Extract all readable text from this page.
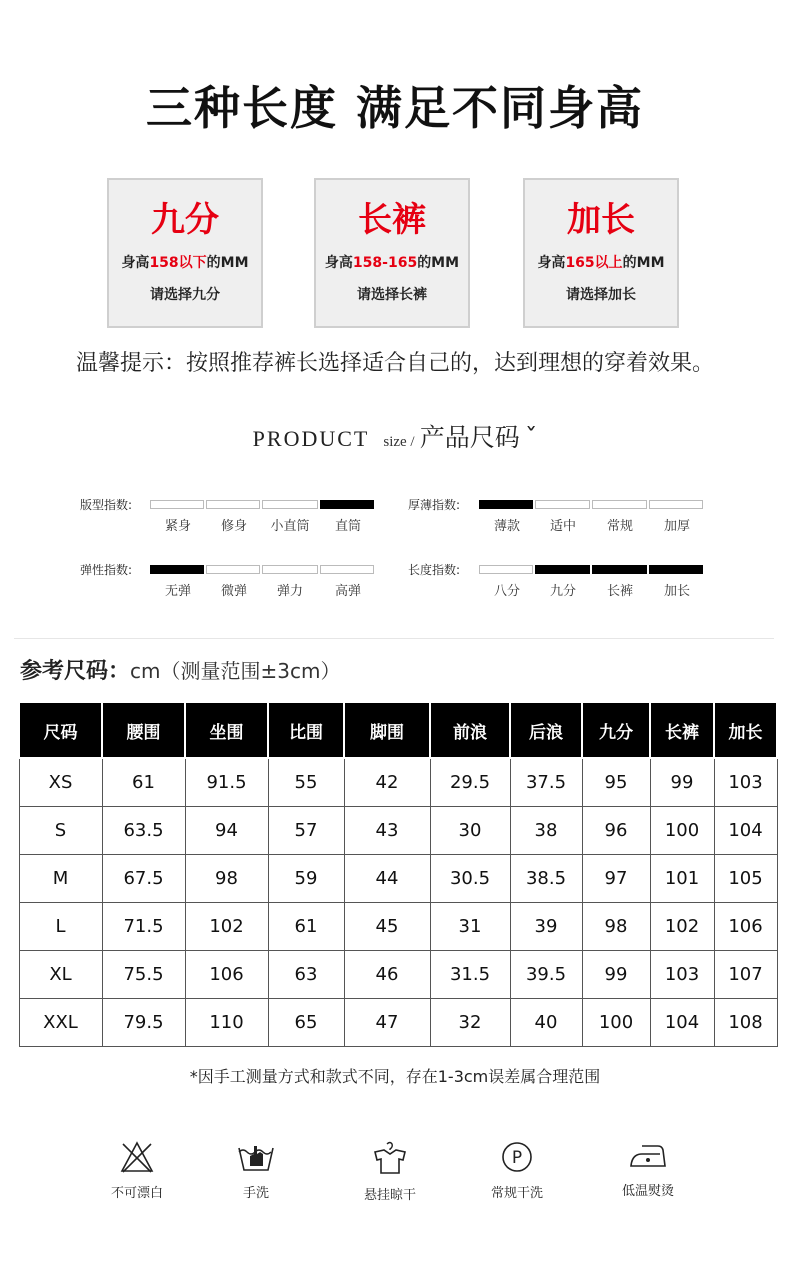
三种长度 满足不同身高
九分
身高158以下的MM
请选择九分
长裤
身高158-165的MM
请选择长裤
加长
身高165以上的MM
请选择加长
温馨提示：按照推荐裤长选择适合自己的，达到理想的穿着效果。
PRODUCT size / 产品尺码 ˇ
版型指数:
紧身	修身	小直筒	直筒
厚薄指数:
薄款	适中	常规	加厚
弹性指数:
无弹	微弹	弹力	高弹
长度指数:
八分	九分	长裤	加长
参考尺码：cm（测量范围±3cm）
尺码	腰围	坐围	比围	脚围	前浪	后浪	九分	长裤	加长
XS	61	91.5	55	42	29.5	37.5	95	99	103
S	63.5	94	57	43	30	38	96	100	104
M	67.5	98	59	44	30.5	38.5	97	101	105
L	71.5	102	61	45	31	39	98	102	106
XL	75.5	106	63	46	31.5	39.5	99	103	107
XXL	79.5	110	65	47	32	40	100	104	108
*因手工测量方式和款式不同，存在1-3cm误差属合理范围
不可漂白	手洗	悬挂晾干
P
常规干洗	低温熨烫
